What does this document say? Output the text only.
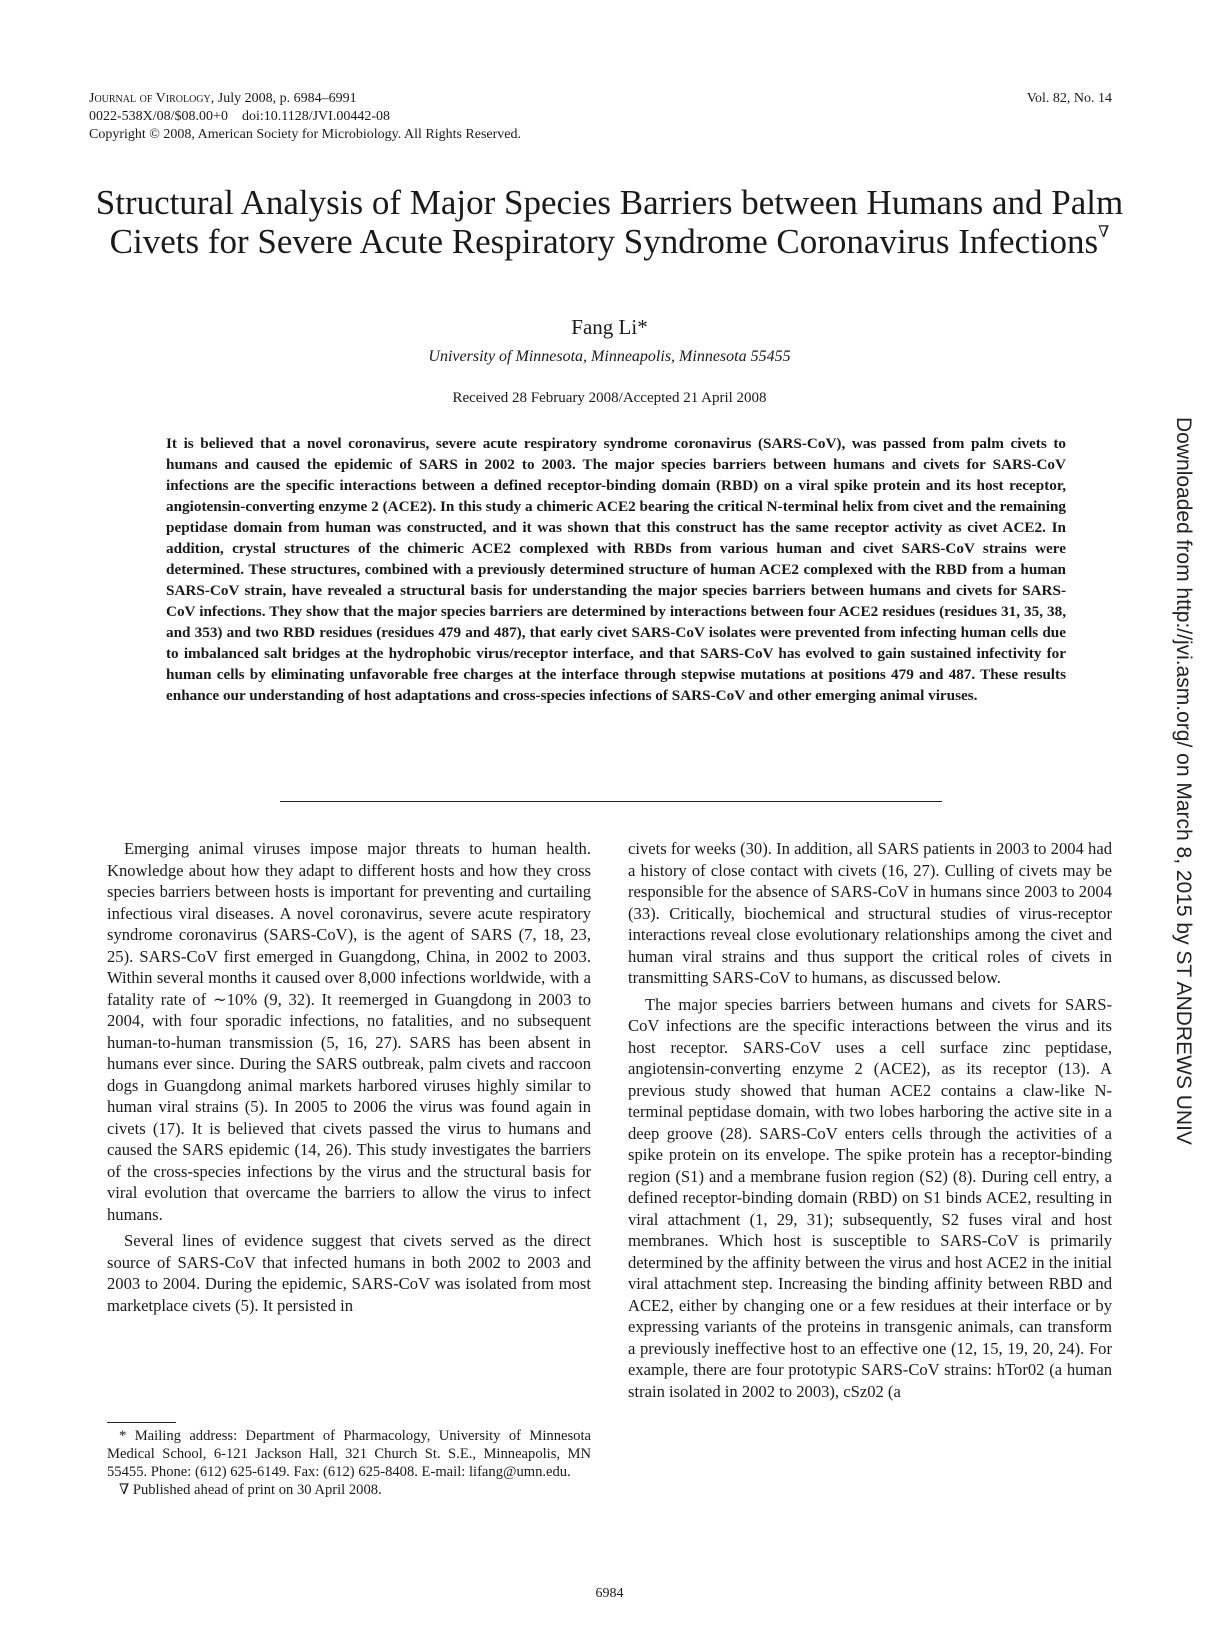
Journal of Virology, July 2008, p. 6984–6991
0022-538X/08/$08.00+0    doi:10.1128/JVI.00442-08
Copyright © 2008, American Society for Microbiology. All Rights Reserved.
Vol. 82, No. 14
Structural Analysis of Major Species Barriers between Humans and Palm Civets for Severe Acute Respiratory Syndrome Coronavirus Infections∇
Fang Li*
University of Minnesota, Minneapolis, Minnesota 55455
Received 28 February 2008/Accepted 21 April 2008

It is believed that a novel coronavirus, severe acute respiratory syndrome coronavirus (SARS-CoV), was passed from palm civets to humans and caused the epidemic of SARS in 2002 to 2003. The major species barriers between humans and civets for SARS-CoV infections are the specific interactions between a defined receptor-binding domain (RBD) on a viral spike protein and its host receptor, angiotensin-converting enzyme 2 (ACE2). In this study a chimeric ACE2 bearing the critical N-terminal helix from civet and the remaining peptidase domain from human was constructed, and it was shown that this construct has the same receptor activity as civet ACE2. In addition, crystal structures of the chimeric ACE2 complexed with RBDs from various human and civet SARS-CoV strains were determined. These structures, combined with a previously determined structure of human ACE2 complexed with the RBD from a human SARS-CoV strain, have revealed a structural basis for understanding the major species barriers between humans and civets for SARS-CoV infections. They show that the major species barriers are determined by interactions between four ACE2 residues (residues 31, 35, 38, and 353) and two RBD residues (residues 479 and 487), that early civet SARS-CoV isolates were prevented from infecting human cells due to imbalanced salt bridges at the hydrophobic virus/receptor interface, and that SARS-CoV has evolved to gain sustained infectivity for human cells by eliminating unfavorable free charges at the interface through stepwise mutations at positions 479 and 487. These results enhance our understanding of host adaptations and cross-species infections of SARS-CoV and other emerging animal viruses.

Emerging animal viruses impose major threats to human health. Knowledge about how they adapt to different hosts and how they cross species barriers between hosts is important for preventing and curtailing infectious viral diseases. A novel coronavirus, severe acute respiratory syndrome coronavirus (SARS-CoV), is the agent of SARS (7, 18, 23, 25). SARS-CoV first emerged in Guangdong, China, in 2002 to 2003. Within several months it caused over 8,000 infections worldwide, with a fatality rate of ∼10% (9, 32). It reemerged in Guangdong in 2003 to 2004, with four sporadic infections, no fatalities, and no subsequent human-to-human transmission (5, 16, 27). SARS has been absent in humans ever since. During the SARS outbreak, palm civets and raccoon dogs in Guangdong animal markets harbored viruses highly similar to human viral strains (5). In 2005 to 2006 the virus was found again in civets (17). It is believed that civets passed the virus to humans and caused the SARS epidemic (14, 26). This study investigates the barriers of the cross-species infections by the virus and the structural basis for viral evolution that overcame the barriers to allow the virus to infect humans.

Several lines of evidence suggest that civets served as the direct source of SARS-CoV that infected humans in both 2002 to 2003 and 2003 to 2004. During the epidemic, SARS-CoV was isolated from most marketplace civets (5). It persisted in

civets for weeks (30). In addition, all SARS patients in 2003 to 2004 had a history of close contact with civets (16, 27). Culling of civets may be responsible for the absence of SARS-CoV in humans since 2003 to 2004 (33). Critically, biochemical and structural studies of virus-receptor interactions reveal close evolutionary relationships among the civet and human viral strains and thus support the critical roles of civets in transmitting SARS-CoV to humans, as discussed below.

The major species barriers between humans and civets for SARS-CoV infections are the specific interactions between the virus and its host receptor. SARS-CoV uses a cell surface zinc peptidase, angiotensin-converting enzyme 2 (ACE2), as its receptor (13). A previous study showed that human ACE2 contains a claw-like N-terminal peptidase domain, with two lobes harboring the active site in a deep groove (28). SARS-CoV enters cells through the activities of a spike protein on its envelope. The spike protein has a receptor-binding region (S1) and a membrane fusion region (S2) (8). During cell entry, a defined receptor-binding domain (RBD) on S1 binds ACE2, resulting in viral attachment (1, 29, 31); subsequently, S2 fuses viral and host membranes. Which host is susceptible to SARS-CoV is primarily determined by the affinity between the virus and host ACE2 in the initial viral attachment step. Increasing the binding affinity between RBD and ACE2, either by changing one or a few residues at their interface or by expressing variants of the proteins in transgenic animals, can transform a previously ineffective host to an effective one (12, 15, 19, 20, 24). For example, there are four prototypic SARS-CoV strains: hTor02 (a human strain isolated in 2002 to 2003), cSz02 (a

* Mailing address: Department of Pharmacology, University of Minnesota Medical School, 6-121 Jackson Hall, 321 Church St. S.E., Minneapolis, MN 55455. Phone: (612) 625-6149. Fax: (612) 625-8408. E-mail: lifang@umn.edu.

∇ Published ahead of print on 30 April 2008.

6984
Downloaded from http://jvi.asm.org/ on March 8, 2015 by ST ANDREWS UNIV
